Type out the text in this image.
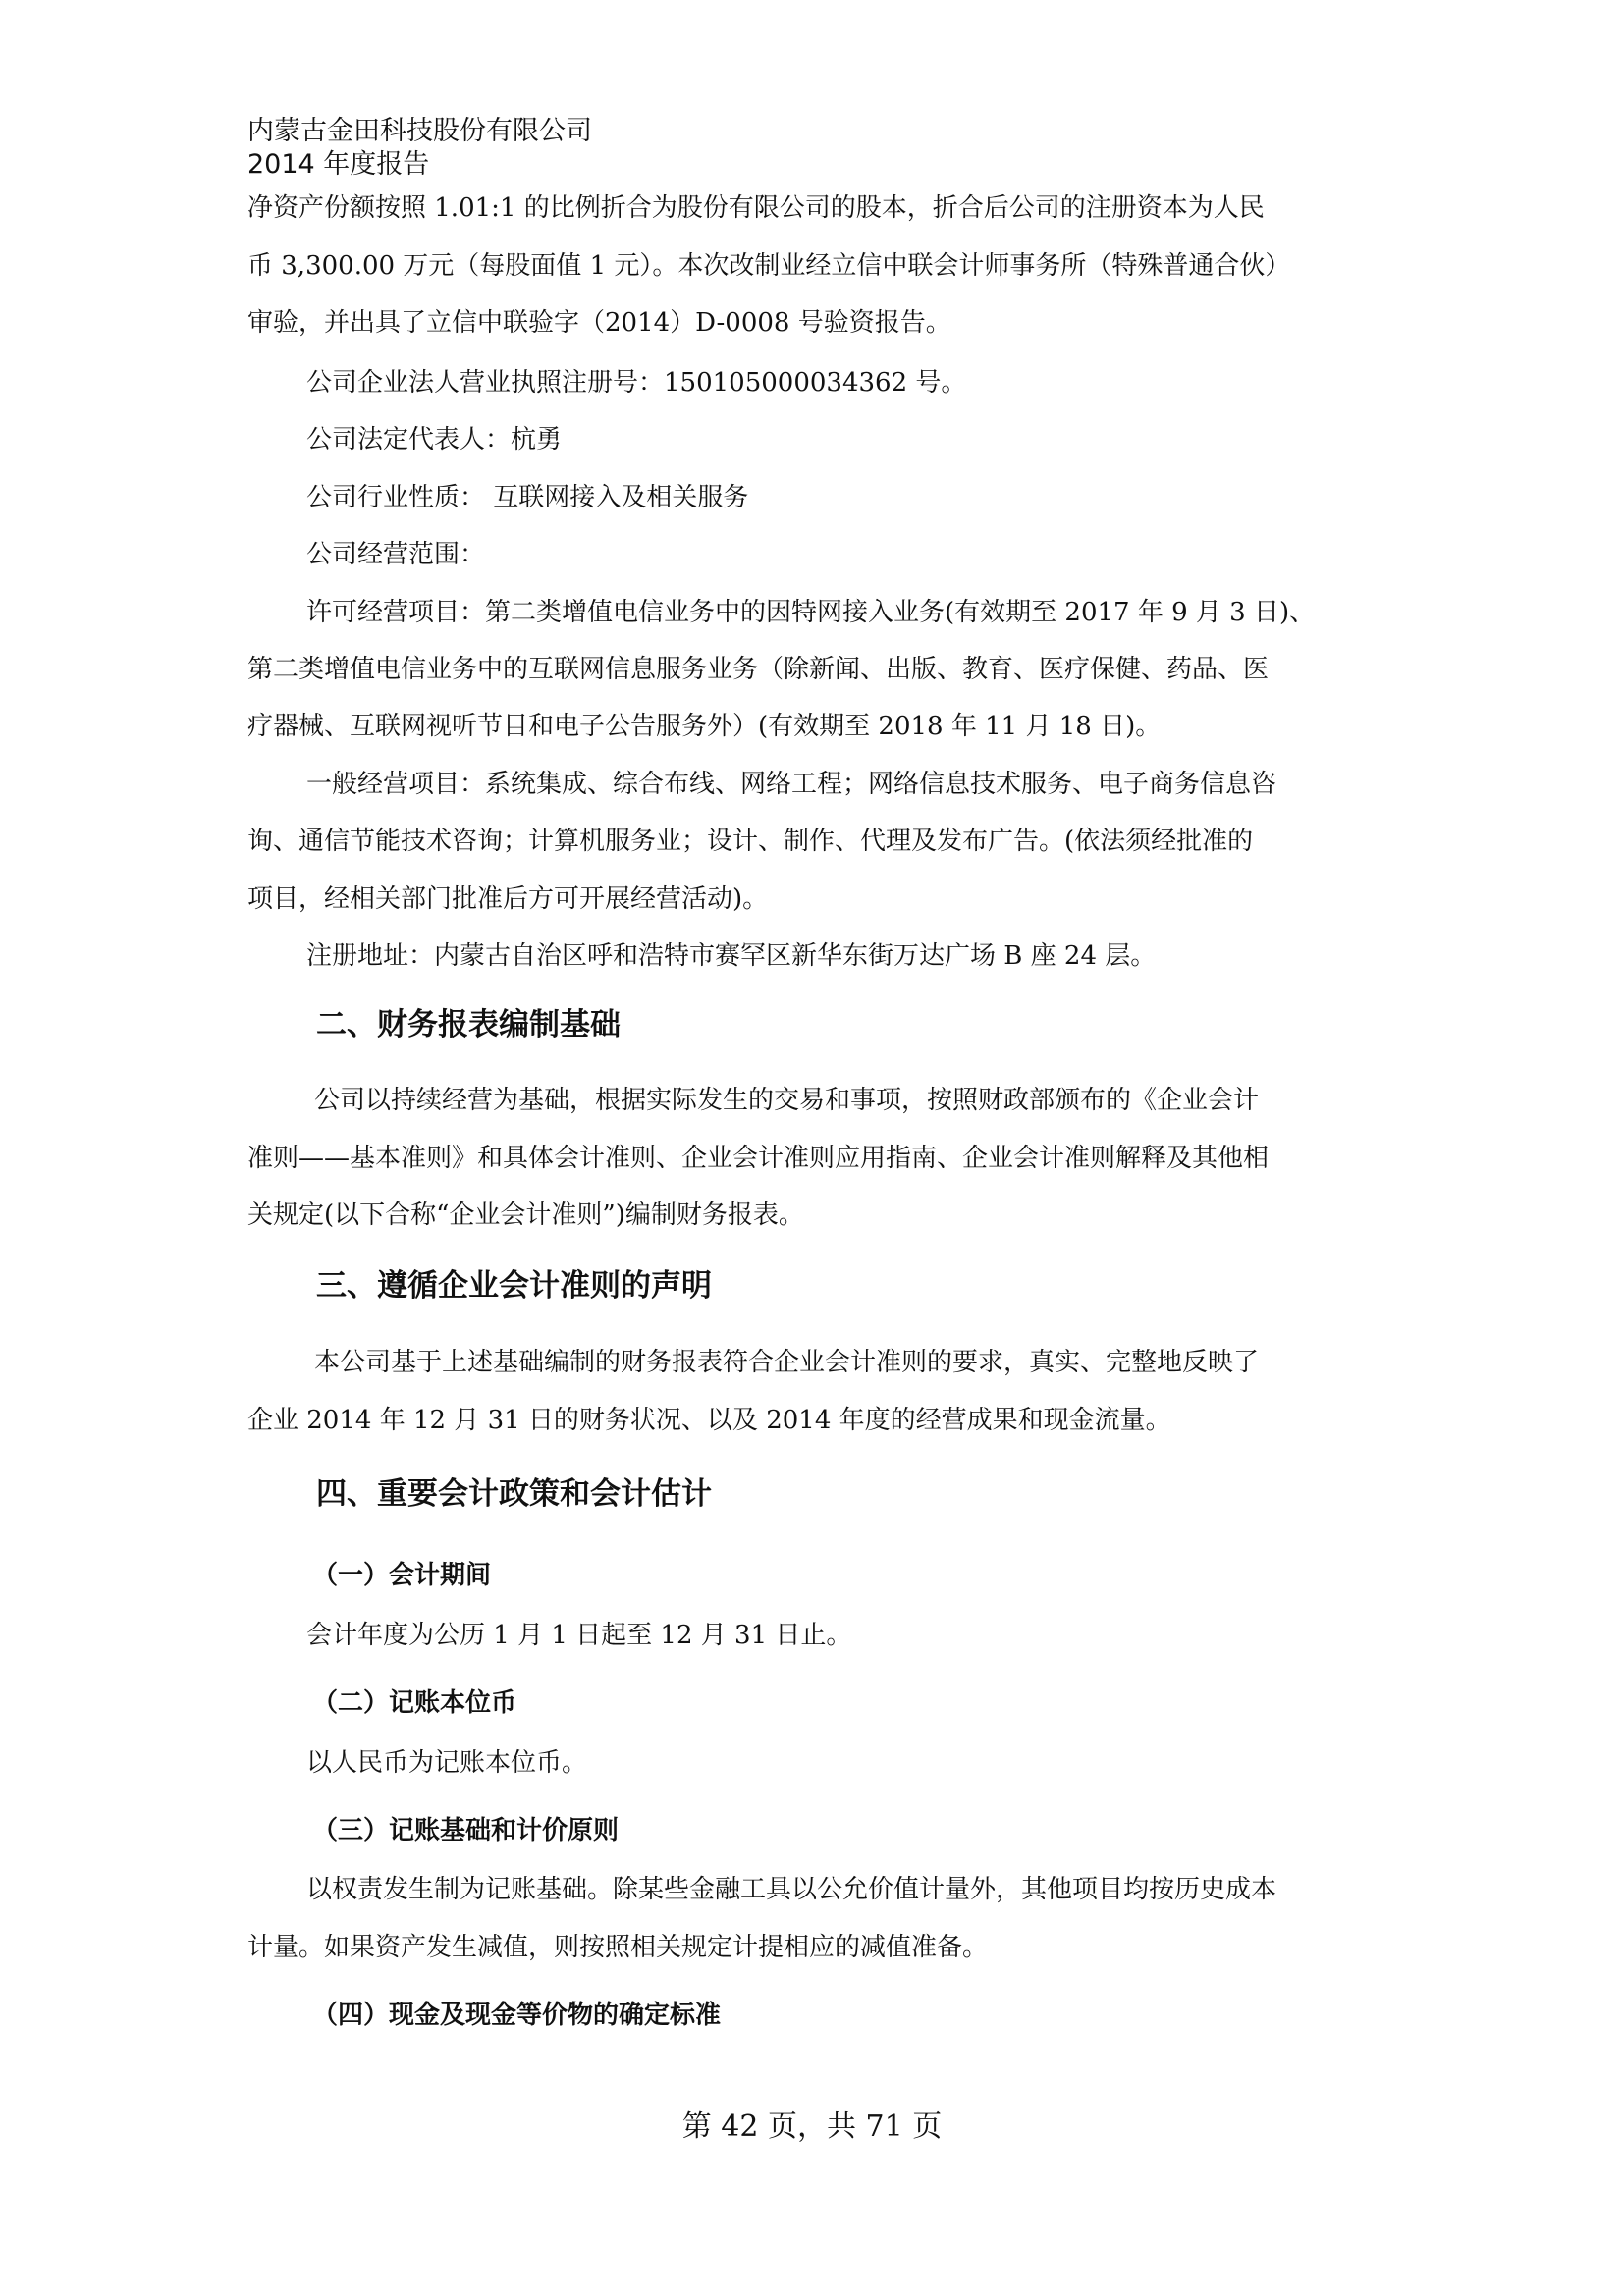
内蒙古金田科技股份有限公司
2014 年度报告
净资产份额按照 1.01:1 的比例折合为股份有限公司的股本，折合后公司的注册资本为人民
币 3,300.00 万元（每股面值 1 元）。本次改制业经立信中联会计师事务所（特殊普通合伙）
审验，并出具了立信中联验字（2014）D-0008 号验资报告。
公司企业法人营业执照注册号：150105000034362 号。
公司法定代表人：杭勇
公司行业性质： 互联网接入及相关服务
公司经营范围：
许可经营项目：第二类增值电信业务中的因特网接入业务(有效期至 2017 年 9 月 3 日)、
第二类增值电信业务中的互联网信息服务业务（除新闻、出版、教育、医疗保健、药品、医
疗器械、互联网视听节目和电子公告服务外）(有效期至 2018 年 11 月 18 日)。
一般经营项目：系统集成、综合布线、网络工程；网络信息技术服务、电子商务信息咨
询、通信节能技术咨询；计算机服务业；设计、制作、代理及发布广告。(依法须经批准的
项目，经相关部门批准后方可开展经营活动)。
注册地址：内蒙古自治区呼和浩特市赛罕区新华东街万达广场 B 座 24 层。
二、财务报表编制基础
公司以持续经营为基础，根据实际发生的交易和事项，按照财政部颁布的《企业会计
准则——基本准则》和具体会计准则、企业会计准则应用指南、企业会计准则解释及其他相
关规定(以下合称“企业会计准则”)编制财务报表。
三、遵循企业会计准则的声明
本公司基于上述基础编制的财务报表符合企业会计准则的要求，真实、完整地反映了
企业 2014 年 12 月 31 日的财务状况、以及 2014 年度的经营成果和现金流量。
四、重要会计政策和会计估计
（一）会计期间
会计年度为公历 1 月 1 日起至 12 月 31 日止。
（二）记账本位币
以人民币为记账本位币。
（三）记账基础和计价原则
以权责发生制为记账基础。除某些金融工具以公允价值计量外，其他项目均按历史成本
计量。如果资产发生减值，则按照相关规定计提相应的减值准备。
（四）现金及现金等价物的确定标准
第 42 页，共 71 页
